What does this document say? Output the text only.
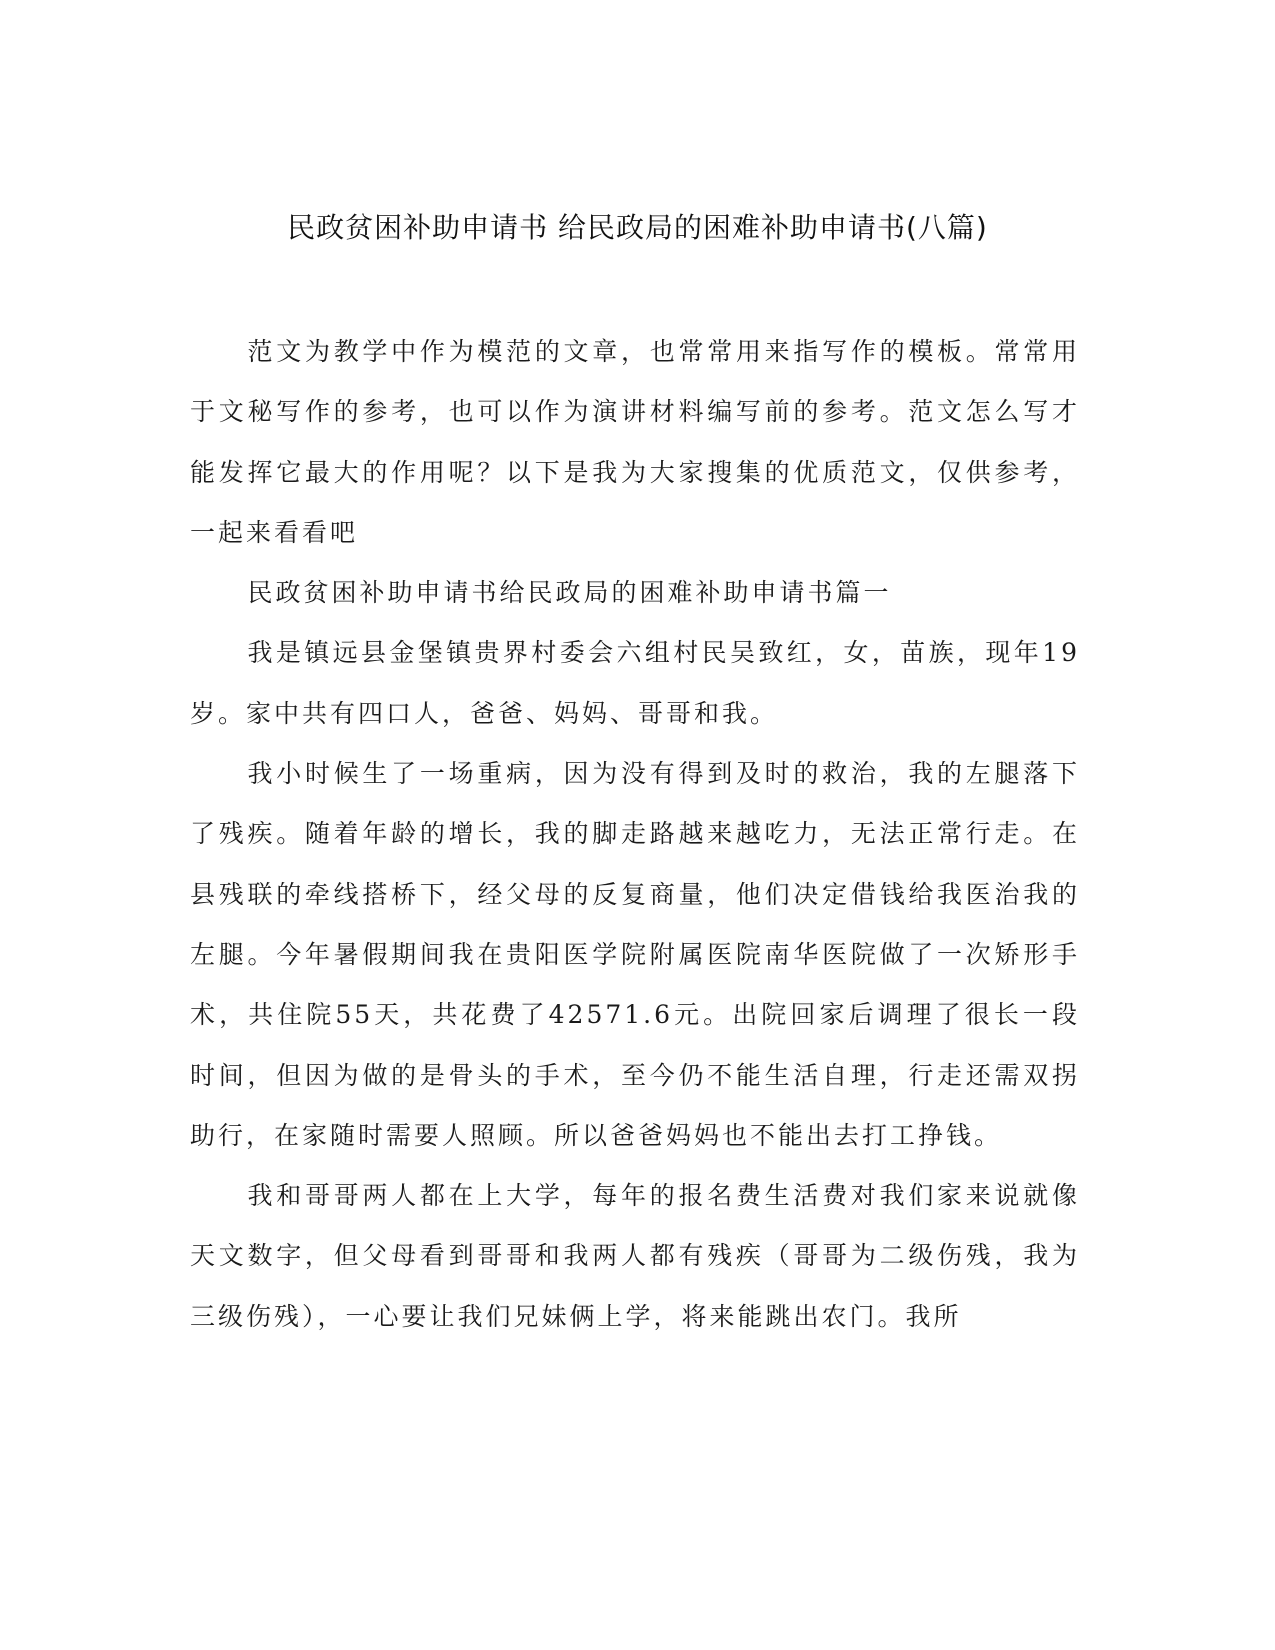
民政贫困补助申请书 给民政局的困难补助申请书(八篇)

范文为教学中作为模范的文章，也常常用来指写作的模板。常常用于文秘写作的参考，也可以作为演讲材料编写前的参考。范文怎么写才能发挥它最大的作用呢？以下是我为大家搜集的优质范文，仅供参考，一起来看看吧

民政贫困补助申请书给民政局的困难补助申请书篇一

我是镇远县金堡镇贵界村委会六组村民吴致红，女，苗族，现年19岁。家中共有四口人，爸爸、妈妈、哥哥和我。

我小时候生了一场重病，因为没有得到及时的救治，我的左腿落下了残疾。随着年龄的增长，我的脚走路越来越吃力，无法正常行走。在县残联的牵线搭桥下，经父母的反复商量，他们决定借钱给我医治我的左腿。今年暑假期间我在贵阳医学院附属医院南华医院做了一次矫形手术，共住院55天，共花费了42571.6元。出院回家后调理了很长一段时间，但因为做的是骨头的手术，至今仍不能生活自理，行走还需双拐助行，在家随时需要人照顾。所以爸爸妈妈也不能出去打工挣钱。

我和哥哥两人都在上大学，每年的报名费生活费对我们家来说就像天文数字，但父母看到哥哥和我两人都有残疾（哥哥为二级伤残，我为三级伤残），一心要让我们兄妹俩上学，将来能跳出农门。我所
